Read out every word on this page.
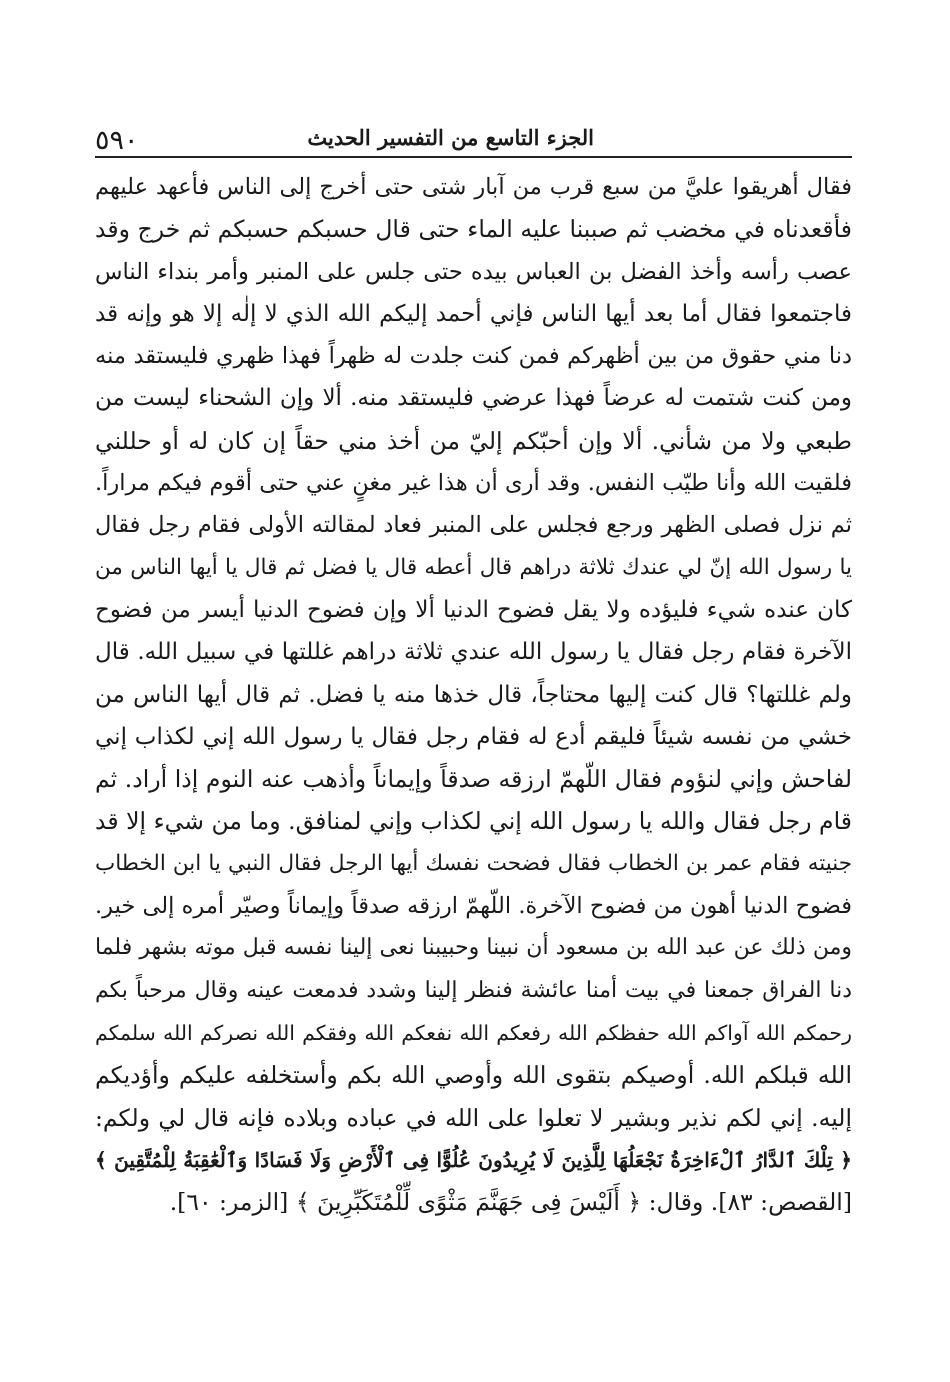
٥٩٠	الجزء التاسع من التفسير الحديث
فقال أهريقوا عليَّ من سبع قرب من آبار شتى حتى أخرج إلى الناس فأعهد عليهم
فأقعدناه في مخضب ثم صببنا عليه الماء حتى قال حسبكم حسبكم ثم خرج وقد
عصب رأسه وأخذ الفضل بن العباس بيده حتى جلس على المنبر وأمر بنداء الناس
فاجتمعوا فقال أما بعد أيها الناس فإني أحمد إليكم الله الذي لا إلٰه إلا هو وإنه قد
دنا مني حقوق من بين أظهركم فمن كنت جلدت له ظهراً فهذا ظهري فليستقد منه
ومن كنت شتمت له عرضاً فهذا عرضي فليستقد منه. ألا وإن الشحناء ليست من
طبعي ولا من شأني. ألا وإن أحبّكم إليّ من أخذ مني حقاً إن كان له أو حللني
فلقيت الله وأنا طيّب النفس. وقد أرى أن هذا غير مغنٍ عني حتى أقوم فيكم مراراً.
ثم نزل فصلى الظهر ورجع فجلس على المنبر فعاد لمقالته الأولى فقام رجل فقال
يا رسول الله إنّ لي عندك ثلاثة دراهم قال أعطه قال يا فضل ثم قال يا أيها الناس من
كان عنده شيء فليؤده ولا يقل فضوح الدنيا ألا وإن فضوح الدنيا أيسر من فضوح
الآخرة فقام رجل فقال يا رسول الله عندي ثلاثة دراهم غللتها في سبيل الله. قال
ولم غللتها؟ قال كنت إليها محتاجاً، قال خذها منه يا فضل. ثم قال أيها الناس من
خشي من نفسه شيئاً فليقم أدع له فقام رجل فقال يا رسول الله إني لكذاب إني
لفاحش وإني لنؤوم فقال اللّهمّ ارزقه صدقاً وإيماناً وأذهب عنه النوم إذا أراد. ثم
قام رجل فقال والله يا رسول الله إني لكذاب وإني لمنافق. وما من شيء إلا قد
جنيته فقام عمر بن الخطاب فقال فضحت نفسك أيها الرجل فقال النبي يا ابن الخطاب
فضوح الدنيا أهون من فضوح الآخرة. اللّهمّ ارزقه صدقاً وإيماناً وصيّر أمره إلى خير.
ومن ذلك عن عبد الله بن مسعود أن نبينا وحبيبنا نعى إلينا نفسه قبل موته بشهر فلما
دنا الفراق جمعنا في بيت أمنا عائشة فنظر إلينا وشدد فدمعت عينه وقال مرحباً بكم
رحمكم الله آواكم الله حفظكم الله رفعكم الله نفعكم الله وفقكم الله نصركم الله سلمكم
الله قبلكم الله. أوصيكم بتقوى الله وأوصي الله بكم وأستخلفه عليكم وأؤديكم
إليه. إني لكم نذير وبشير لا تعلوا على الله في عباده وبلاده فإنه قال لي ولكم:
﴿ تِلْكَ ٱلدَّارُ ٱلْءَاخِرَةُ نَجْعَلُهَا لِلَّذِينَ لَا يُرِيدُونَ عُلُوًّا فِى ٱلْأَرْضِ وَلَا فَسَادًا وَٱلْعَٰقِبَةُ لِلْمُتَّقِينَ ﴾
[القصص: ٨٣]. وقال: ﴿ أَلَيْسَ فِى جَهَنَّمَ مَثْوًى لِّلْمُتَكَبِّرِينَ ﴾ [الزمر: ٦٠].
